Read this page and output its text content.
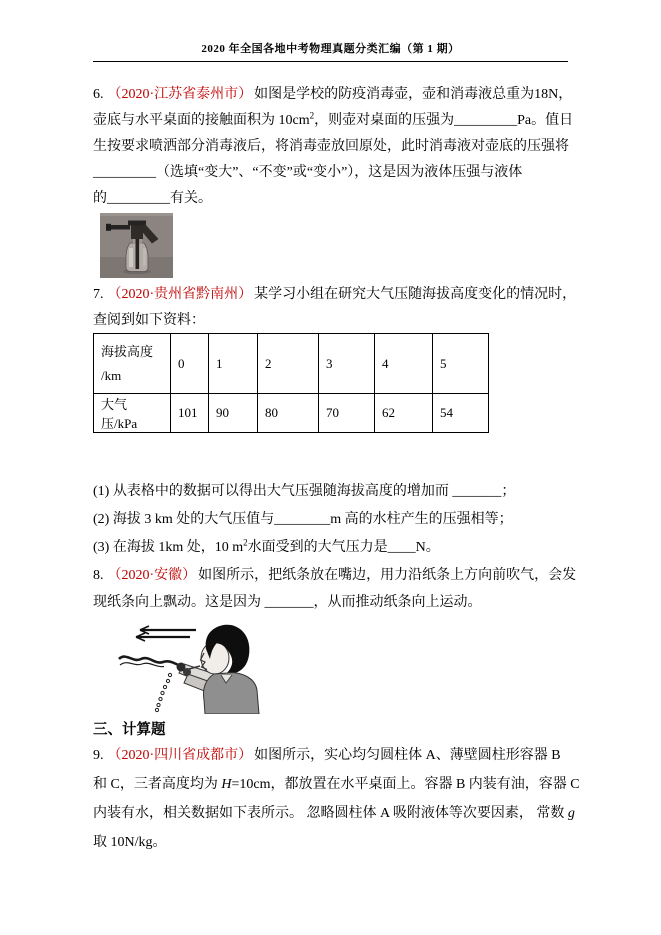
2020 年全国各地中考物理真题分类汇编（第 1 期）
6. （2020·江苏省泰州市） 如图是学校的防疫消毒壶，壶和消毒液总重为18N，
壶底与水平桌面的接触面积为 $10cm^2$，则壶对桌面的压强为_________Pa。值日
生按要求喷洒部分消毒液后，将消毒壶放回原处，此时消毒液对壶底的压强将
_________（选填“变大”、“不变”或“变小”），这是因为液体压强与液体
的_________有关。
7. （2020·贵州省黔南州） 某学习小组在研究大气压随海拔高度变化的情况时，
查阅到如下资料：
海拔高度
/km	0	1	2	3	4	5
大气压/kPa	101	90	80	70	62	54
(1) 从表格中的数据可以得出大气压强随海拔高度的增加而 _______；
(2) 海拔 3 km 处的大气压值与________m 高的水柱产生的压强相等；
(3) 在海拔 1km 处，10 $m^2$水面受到的大气压力是____N。
8. （2020·安徽） 如图所示，把纸条放在嘴边，用力沿纸条上方向前吹气，会发
现纸条向上飘动。这是因为 _______，从而推动纸条向上运动。
三、计算题
9. （2020·四川省成都市） 如图所示，实心均匀圆柱体 A、薄壁圆柱形容器 B
和 C，三者高度均为 H=10cm，都放置在水平桌面上。容器 B 内装有油，容器 C
内装有水，相关数据如下表所示。 忽略圆柱体 A 吸附液体等次要因素， 常数 g
取 10N/kg。
